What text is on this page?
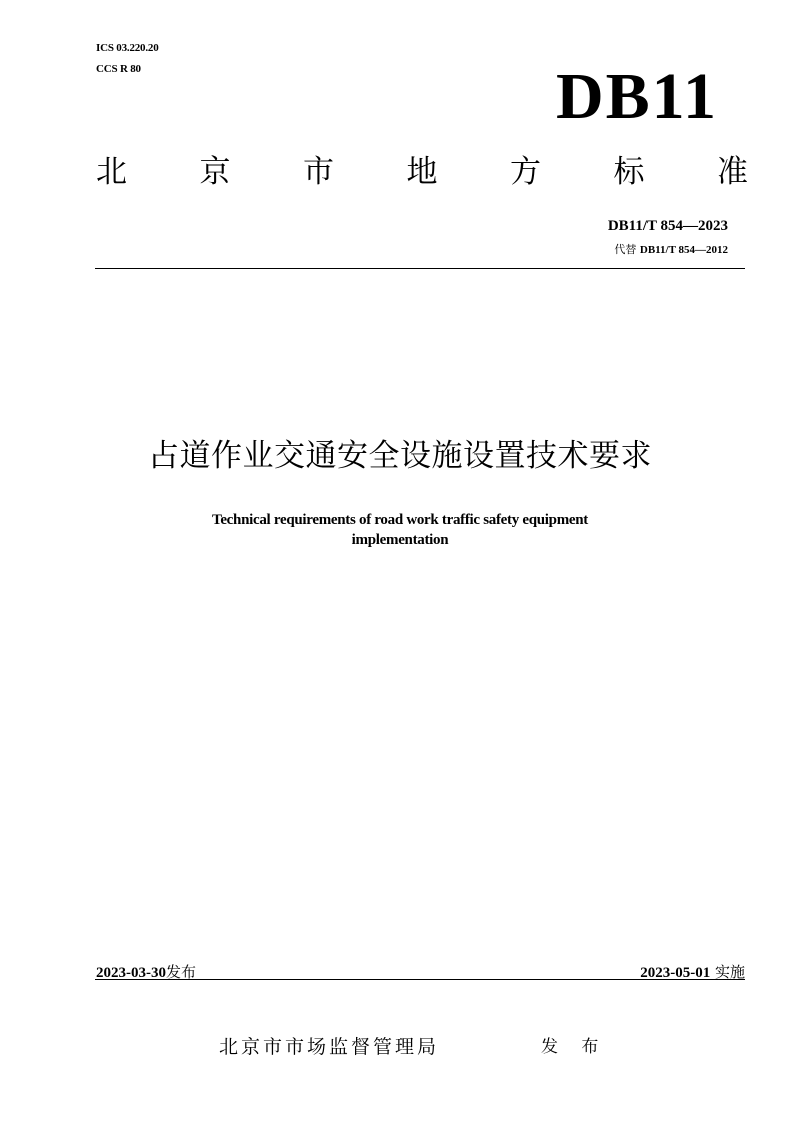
ICS 03.220.20
CCS R 80	DB11
北 京 市 地 方 标 准
DB11/T 854—2023
代替 DB11/T 854—2012
占道作业交通安全设施设置技术要求
Technical requirements of road work traffic safety equipment
implementation
2023-03-30发布	2023-05-01 实施
北京市市场监督管理局	发 布
